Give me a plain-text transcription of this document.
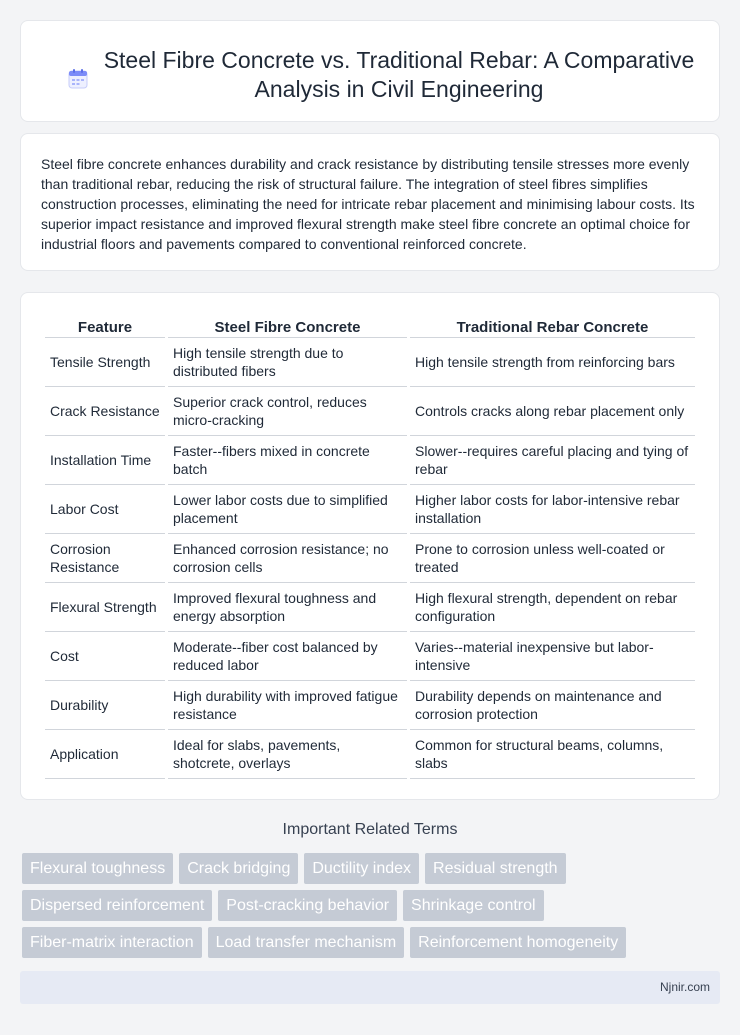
Steel Fibre Concrete vs. Traditional Rebar: A Comparative Analysis in Civil Engineering

Steel fibre concrete enhances durability and crack resistance by distributing tensile stresses more evenly than traditional rebar, reducing the risk of structural failure. The integration of steel fibres simplifies construction processes, eliminating the need for intricate rebar placement and minimising labour costs. Its superior impact resistance and improved flexural strength make steel fibre concrete an optimal choice for industrial floors and pavements compared to conventional reinforced concrete.

Feature	Steel Fibre Concrete	Traditional Rebar Concrete
Tensile Strength	High tensile strength due to distributed fibers	High tensile strength from reinforcing bars
Crack Resistance	Superior crack control, reduces micro-cracking	Controls cracks along rebar placement only
Installation Time	Faster--fibers mixed in concrete batch	Slower--requires careful placing and tying of rebar
Labor Cost	Lower labor costs due to simplified placement	Higher labor costs for labor-intensive rebar installation
Corrosion Resistance	Enhanced corrosion resistance; no corrosion cells	Prone to corrosion unless well-coated or treated
Flexural Strength	Improved flexural toughness and energy absorption	High flexural strength, dependent on rebar configuration
Cost	Moderate--fiber cost balanced by reduced labor	Varies--material inexpensive but labor-intensive
Durability	High durability with improved fatigue resistance	Durability depends on maintenance and corrosion protection
Application	Ideal for slabs, pavements, shotcrete, overlays	Common for structural beams, columns, slabs
Important Related Terms
Flexural toughness	Crack bridging	Ductility index	Residual strength
Dispersed reinforcement	Post-cracking behavior	Shrinkage control
Fiber-matrix interaction	Load transfer mechanism	Reinforcement homogeneity
Njnir.com
